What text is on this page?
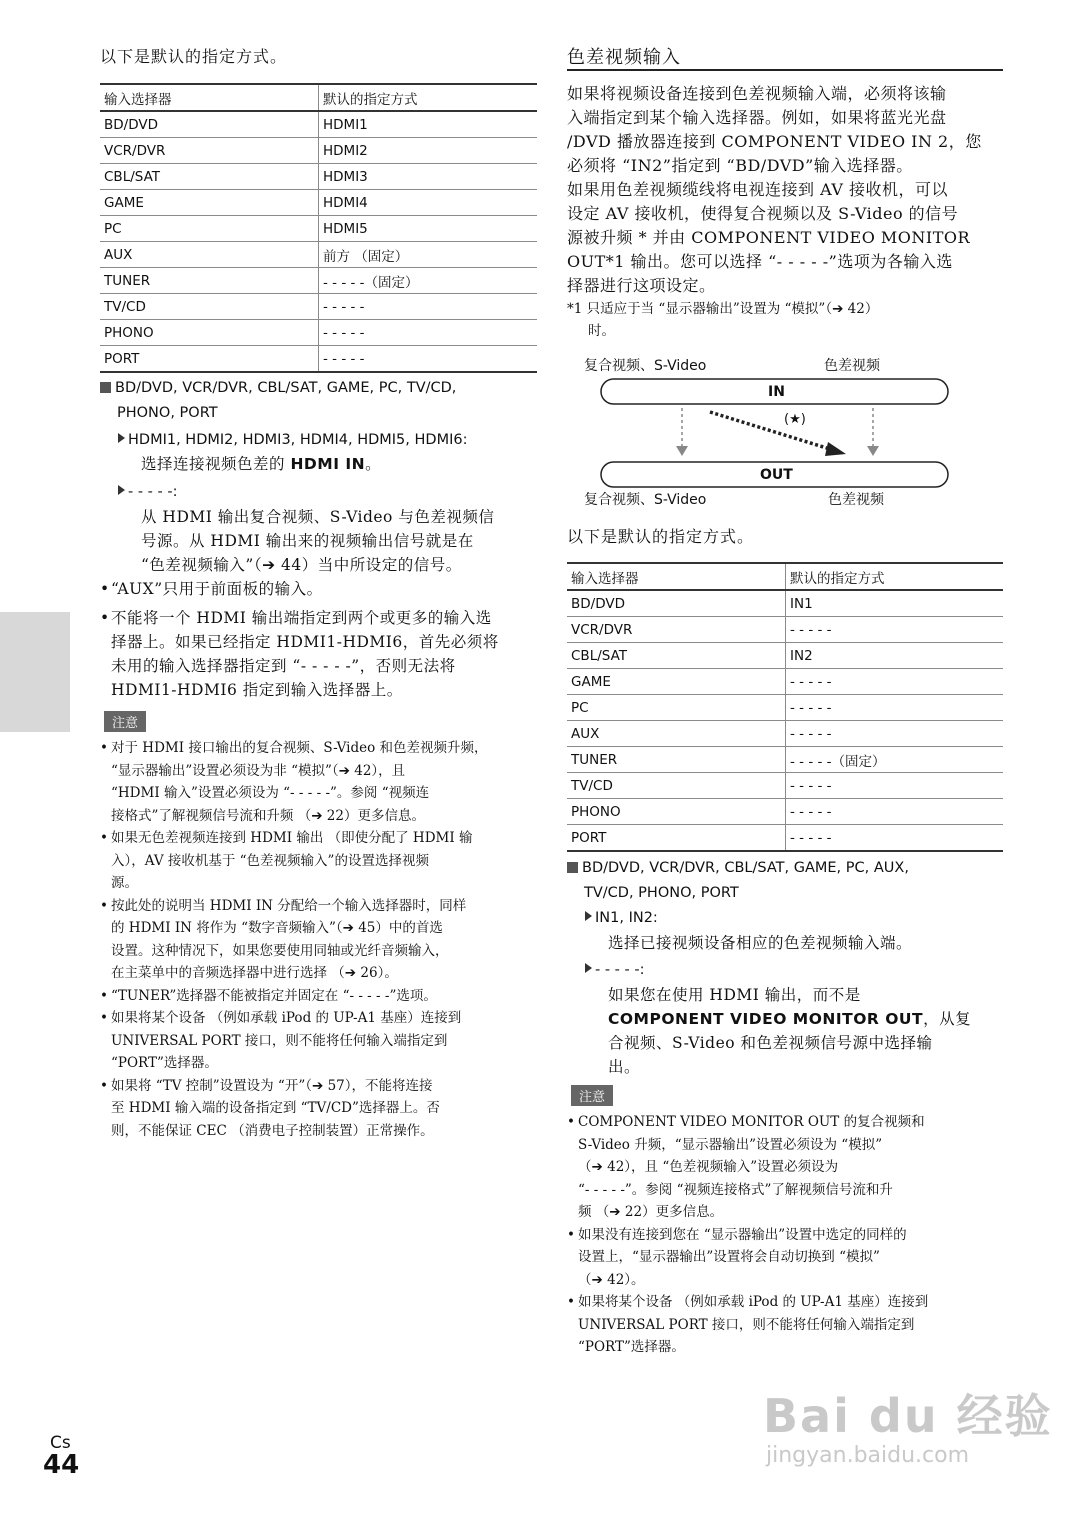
以下是默认的指定方式。
输入选择器	默认的指定方式
BD/DVD	HDMI1
VCR/DVR	HDMI2
CBL/SAT	HDMI3
GAME	HDMI4
PC	HDMI5
AUX	前方 （固定）
TUNER	- - - - -（固定）
TV/CD	- - - - -
PHONO	- - - - -
PORT	- - - - -
BD/DVD, VCR/DVR, CBL/SAT, GAME, PC, TV/CD,
PHONO, PORT
HDMI1, HDMI2, HDMI3, HDMI4, HDMI5, HDMI6:
选择连接视频色差的 HDMI IN。
- - - - -:
从 HDMI 输出复合视频、S-Video 与色差视频信
号源。从 HDMI 输出来的视频输出信号就是在
“色差视频输入”（➔ 44）当中所设定的信号。
• “AUX”只用于前面板的输入。
• 不能将一个 HDMI 输出端指定到两个或更多的输入选
择器上。如果已经指定 HDMI1-HDMI6，首先必须将
未用的输入选择器指定到 “- - - - -”，否则无法将
HDMI1-HDMI6 指定到输入选择器上。
注意
• 对于 HDMI 接口输出的复合视频、S-Video 和色差视频升频，
“显示器输出”设置必须设为非 “模拟”（➔ 42），且
“HDMI 输入”设置必须设为 “- - - - -”。参阅 “视频连
接格式”了解视频信号流和升频 （➔ 22）更多信息。
• 如果无色差视频连接到 HDMI 输出 （即使分配了 HDMI 输
入），AV 接收机基于 “色差视频输入”的设置选择视频
源。
• 按此处的说明当 HDMI IN 分配给一个输入选择器时，同样
的 HDMI IN 将作为 “数字音频输入”（➔ 45）中的首选
设置。这种情况下，如果您要使用同轴或光纤音频输入，
在主菜单中的音频选择器中进行选择 （➔ 26）。
• “TUNER”选择器不能被指定并固定在 “- - - - -”选项。
• 如果将某个设备 （例如承载 iPod 的 UP-A1 基座）连接到
UNIVERSAL PORT 接口，则不能将任何输入端指定到
“PORT”选择器。
• 如果将 “TV 控制”设置设为 “开”（➔ 57），不能将连接
至 HDMI 输入端的设备指定到 “TV/CD”选择器上。否
则，不能保证 CEC （消费电子控制装置）正常操作。
色差视频输入
如果将视频设备连接到色差视频输入端，必须将该输
入端指定到某个输入选择器。例如，如果将蓝光光盘
/DVD 播放器连接到 COMPONENT VIDEO IN 2，您
必须将 “IN2”指定到 “BD/DVD”输入选择器。
如果用色差视频缆线将电视连接到 AV 接收机，可以
设定 AV 接收机，使得复合视频以及 S-Video 的信号
源被升频 * 并由 COMPONENT VIDEO MONITOR
OUT*1 输出。您可以选择 “- - - - -”选项为各输入选
择器进行这项设定。
*1 只适应于当 “显示器输出”设置为 “模拟”（➔ 42）
时。
复合视频、S-Video	色差视频
IN
(★)
OUT
复合视频、S-Video	色差视频
以下是默认的指定方式。
输入选择器	默认的指定方式
BD/DVD	IN1
VCR/DVR	- - - - -
CBL/SAT	IN2
GAME	- - - - -
PC	- - - - -
AUX	- - - - -
TUNER	- - - - -（固定）
TV/CD	- - - - -
PHONO	- - - - -
PORT	- - - - -
BD/DVD, VCR/DVR, CBL/SAT, GAME, PC, AUX,
TV/CD, PHONO, PORT
IN1, IN2:
选择已接视频设备相应的色差视频输入端。
- - - - -:
如果您在使用 HDMI 输出，而不是
COMPONENT VIDEO MONITOR OUT，从复
合视频、S-Video 和色差视频信号源中选择输
出。
注意
• COMPONENT VIDEO MONITOR OUT 的复合视频和
S-Video 升频，“显示器输出”设置必须设为 “模拟”
（➔ 42），且 “色差视频输入”设置必须设为
“- - - - -”。参阅 “视频连接格式”了解视频信号流和升
频 （➔ 22）更多信息。
• 如果没有连接到您在 “显示器输出”设置中选定的同样的
设置上，“显示器输出”设置将会自动切换到 “模拟”
（➔ 42）。
• 如果将某个设备 （例如承载 iPod 的 UP-A1 基座）连接到
UNIVERSAL PORT 接口，则不能将任何输入端指定到
“PORT”选择器。
Cs
44
Bai du 经验
jingyan.baidu.com
